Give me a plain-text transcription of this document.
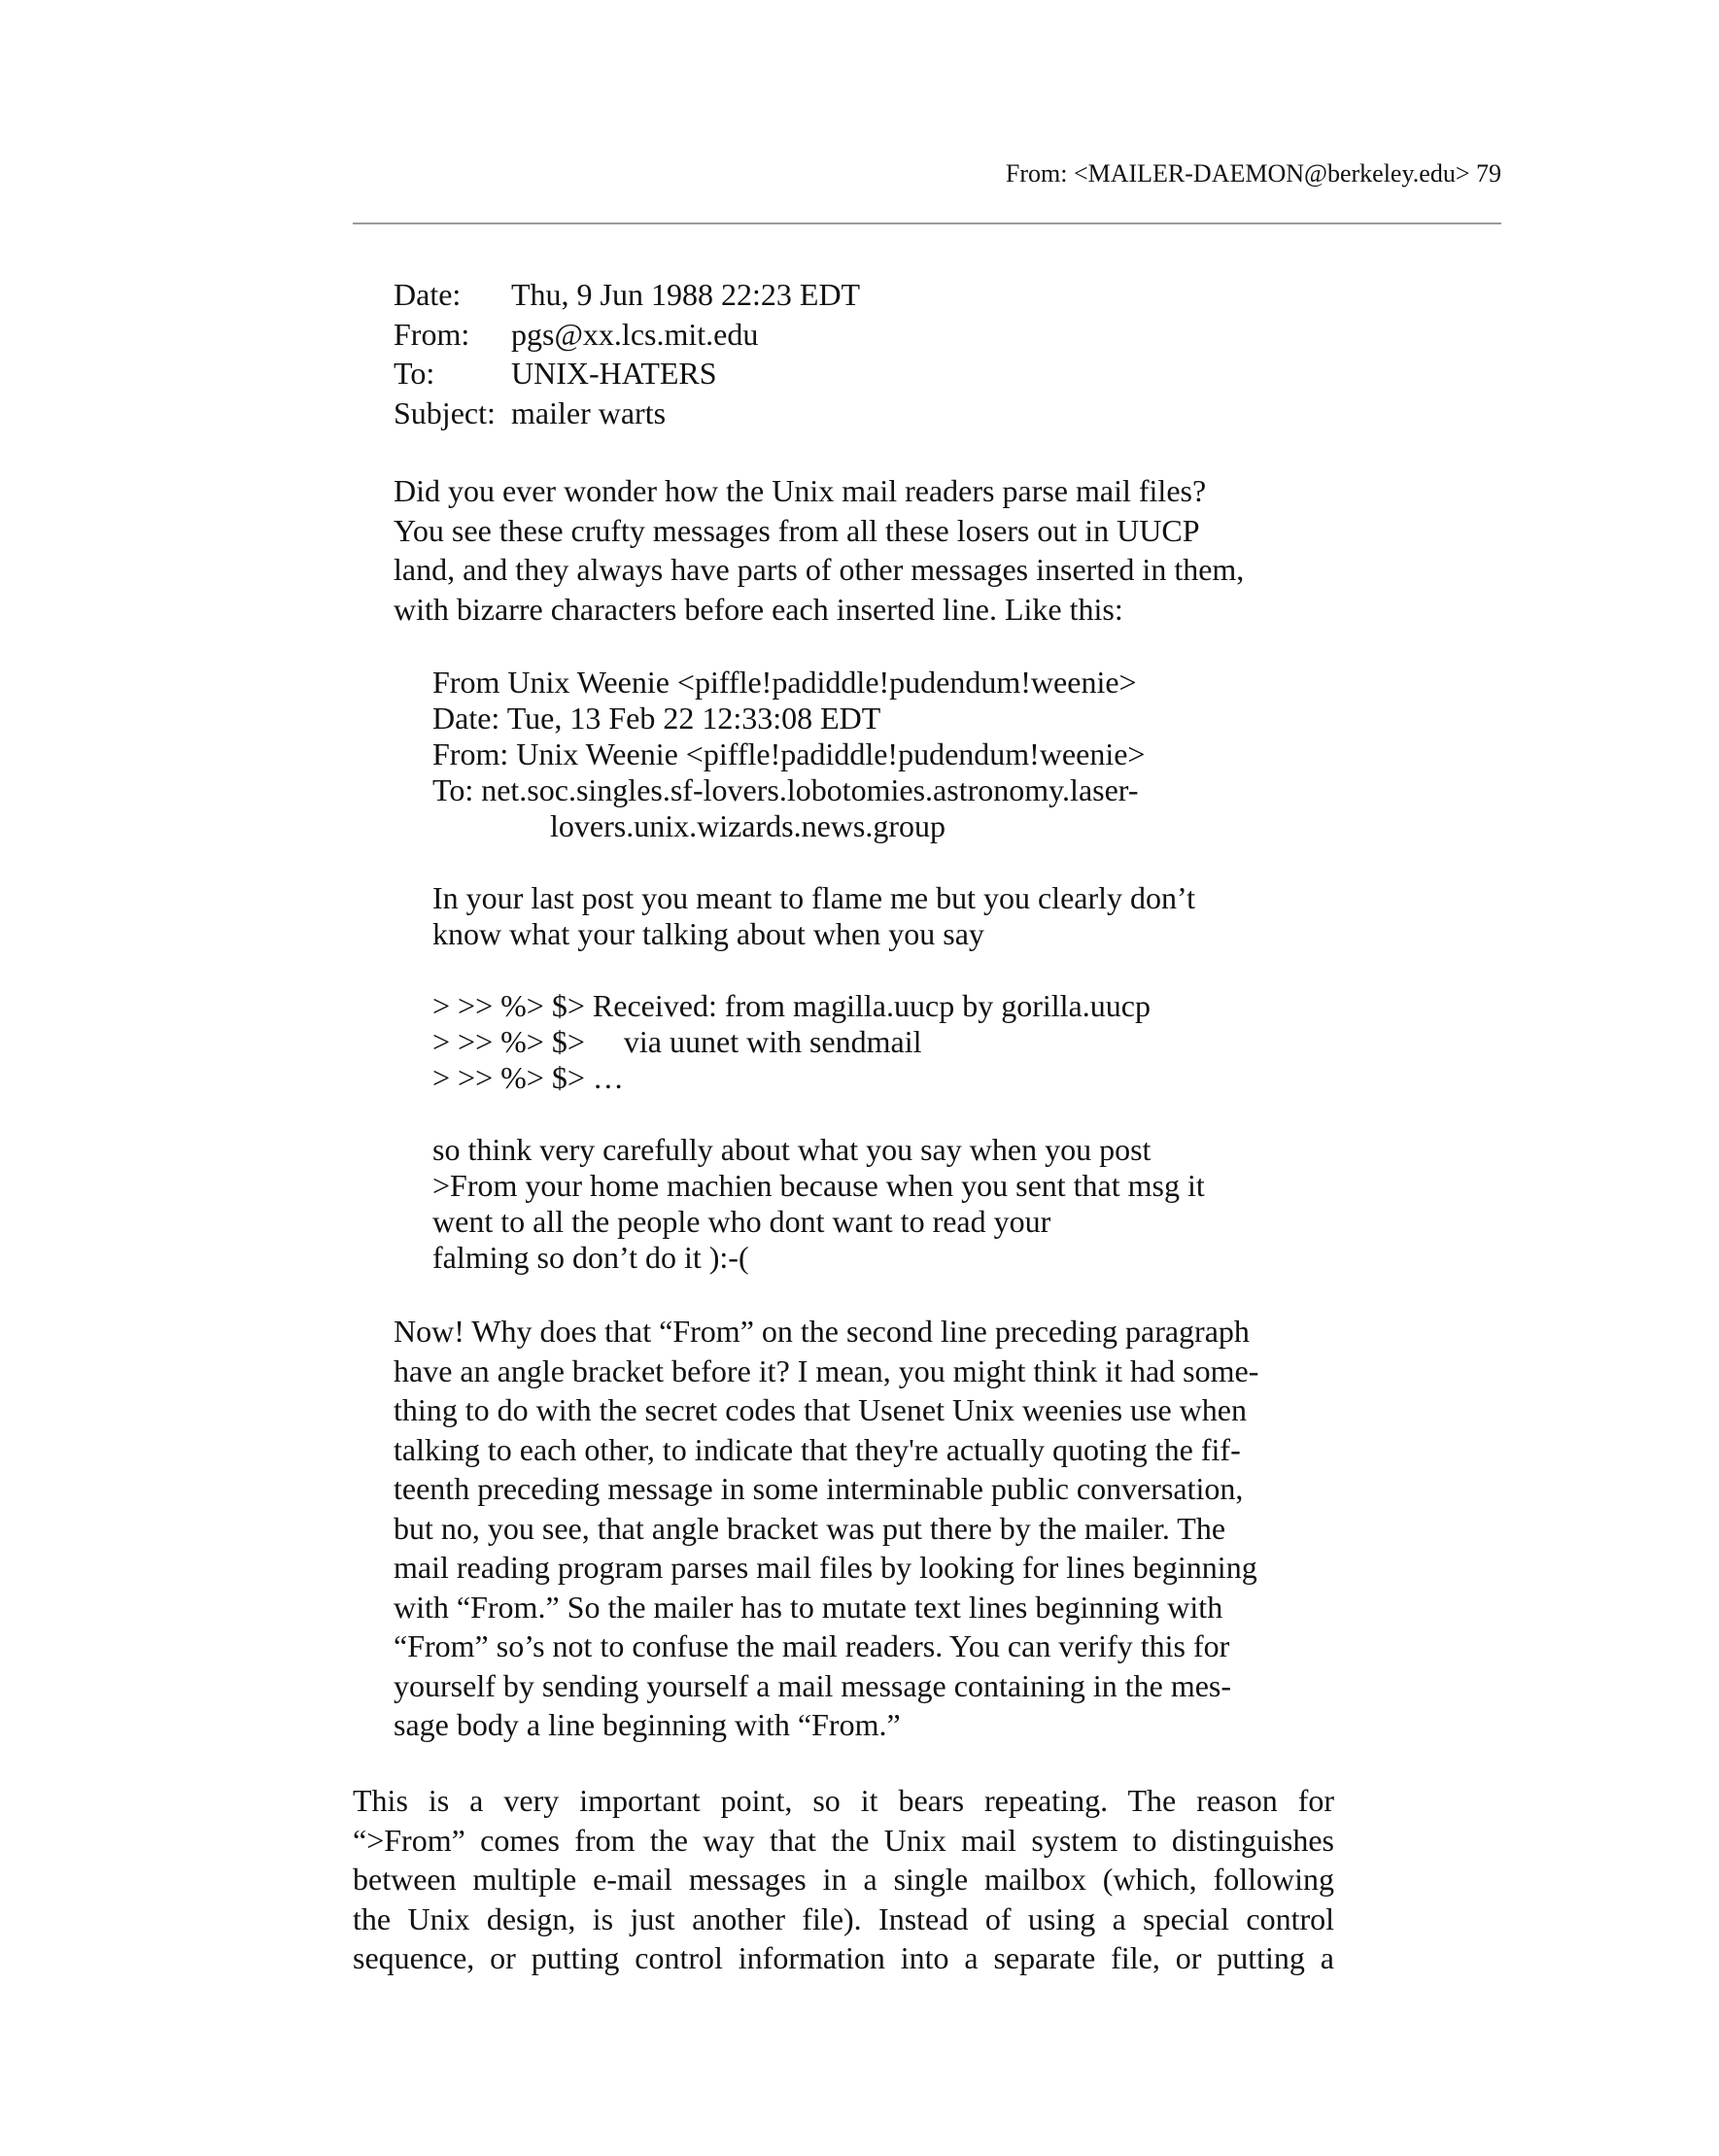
From: <MAILER-DAEMON@berkeley.edu> 79
Date:	Thu, 9 Jun 1988 22:23 EDT
From:	pgs@xx.lcs.mit.edu
To:	UNIX-HATERS
Subject: mailer warts
Did you ever wonder how the Unix mail readers parse mail files?
You see these crufty messages from all these losers out in UUCP
land, and they always have parts of other messages inserted in them,
with bizarre characters before each inserted line. Like this:
From Unix Weenie <piffle!padiddle!pudendum!weenie>
Date: Tue, 13 Feb 22 12:33:08 EDT
From: Unix Weenie <piffle!padiddle!pudendum!weenie>
To: net.soc.singles.sf-lovers.lobotomies.astronomy.laser-
lovers.unix.wizards.news.group
In your last post you meant to flame me but you clearly don’t
know what your talking about when you say
> >> %> $> Received: from magilla.uucp by gorilla.uucp
> >> %> $>     via uunet with sendmail
> >> %> $> …
so think very carefully about what you say when you post
>From your home machien because when you sent that msg it
went to all the people who dont want to read your
falming so don’t do it ):-(
Now! Why does that “From” on the second line preceding paragraph
have an angle bracket before it? I mean, you might think it had some-
thing to do with the secret codes that Usenet Unix weenies use when
talking to each other, to indicate that they're actually quoting the fif-
teenth preceding message in some interminable public conversation,
but no, you see, that angle bracket was put there by the mailer. The
mail reading program parses mail files by looking for lines beginning
with “From.” So the mailer has to mutate text lines beginning with
“From” so’s not to confuse the mail readers. You can verify this for
yourself by sending yourself a mail message containing in the mes-
sage body a line beginning with “From.”
This is a very important point, so it bears repeating. The reason for
“>From” comes from the way that the Unix mail system to distinguishes
between multiple e-mail messages in a single mailbox (which, following
the Unix design, is just another file). Instead of using a special control
sequence, or putting control information into a separate file, or putting a
